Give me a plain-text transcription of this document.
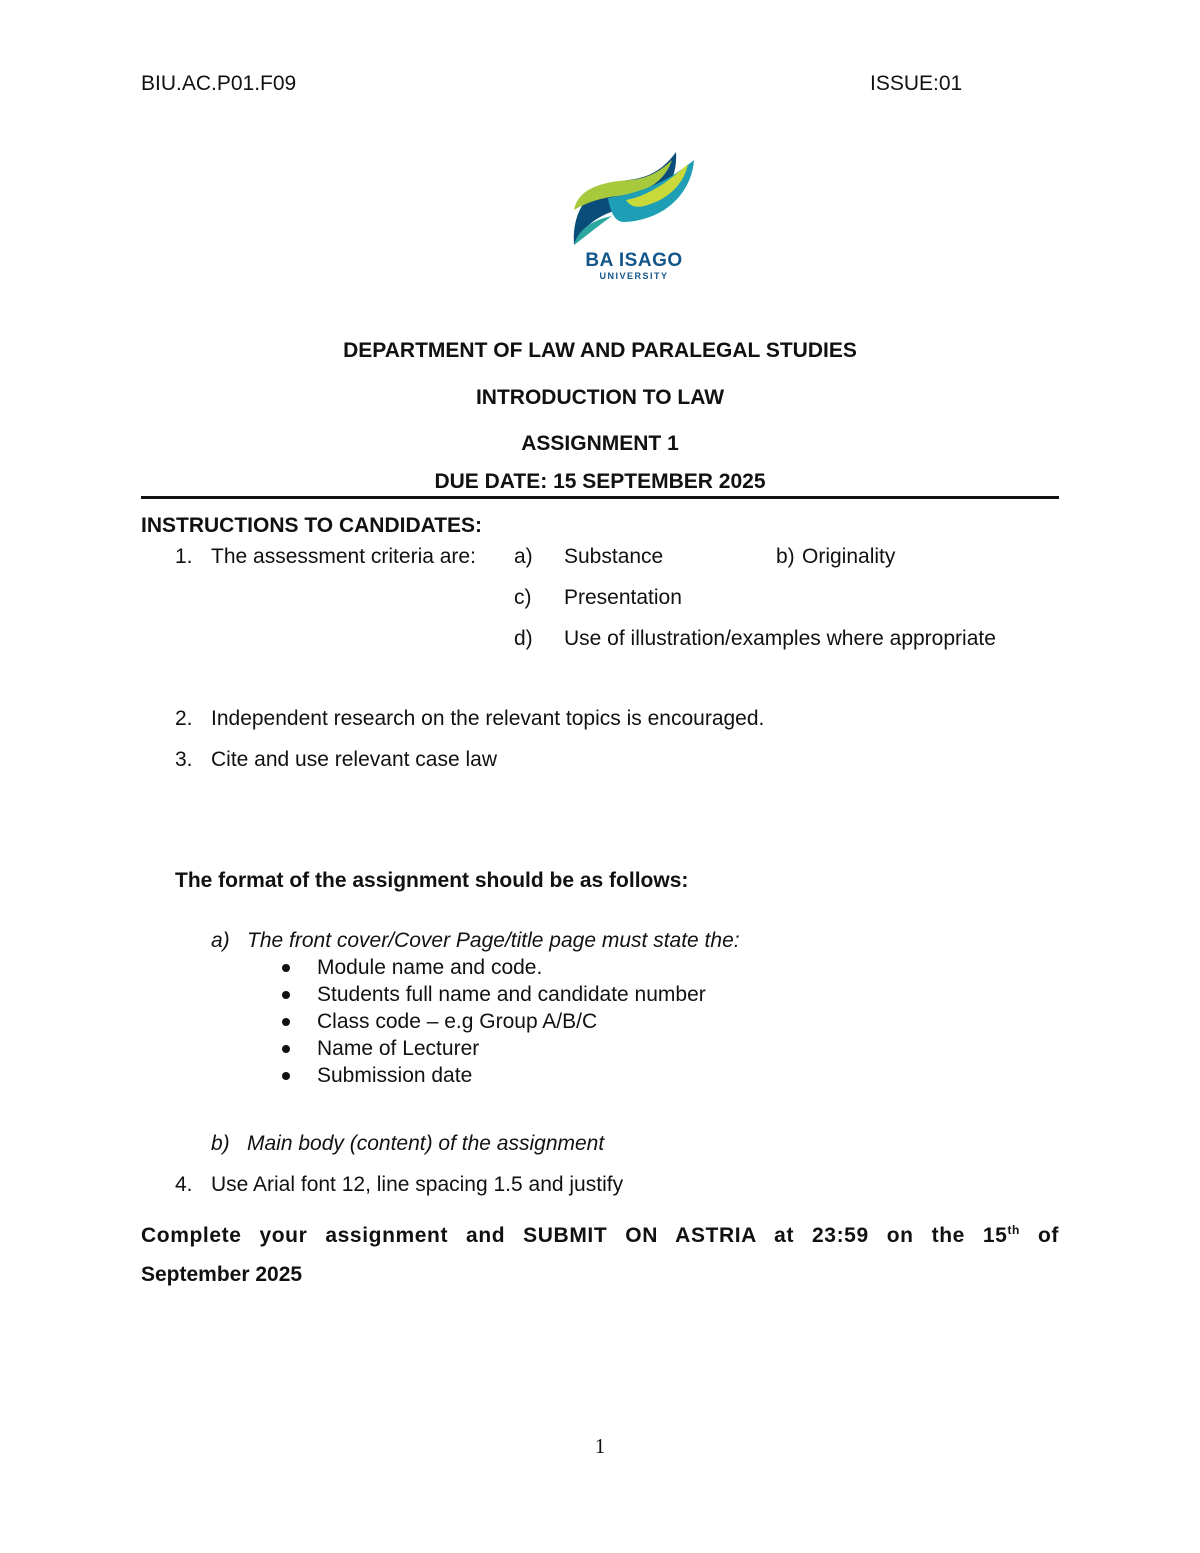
BIU.AC.P01.F09	ISSUE:01
BA ISAGO
UNIVERSITY
DEPARTMENT OF LAW AND PARALEGAL STUDIES
INTRODUCTION TO LAW
ASSIGNMENT 1
DUE DATE: 15 SEPTEMBER 2025
INSTRUCTIONS TO CANDIDATES:
1. The assessment criteria are: a) Substance	b) Originality
c) Presentation
d) Use of illustration/examples where appropriate
2. Independent research on the relevant topics is encouraged.
3. Cite and use relevant case law
The format of the assignment should be as follows:
a) The front cover/Cover Page/title page must state the:
Module name and code.
Students full name and candidate number
Class code – e.g Group A/B/C
Name of Lecturer
Submission date
b) Main body (content) of the assignment
4. Use Arial font 12, line spacing 1.5 and justify
Complete your assignment and SUBMIT ON ASTRIA at 23:59 on the 15th of
September 2025
1
